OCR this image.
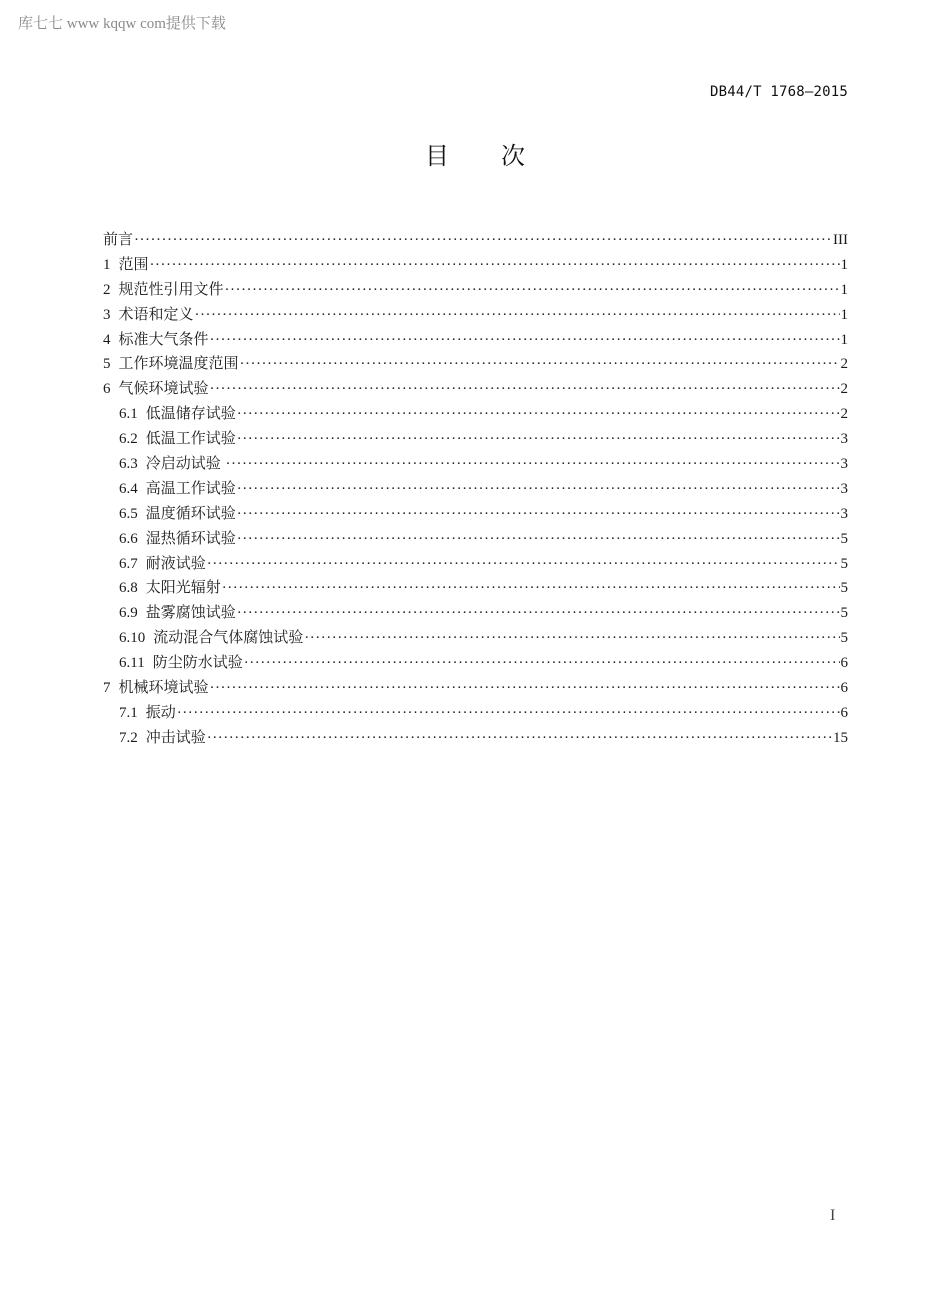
库七七 www kqqw com提供下载
DB44/T 1768—2015
目 次
前言 ·····	III
1 范围 ·····	1
2 规范性引用文件 ·····	1
3 术语和定义 ·····	1
4 标准大气条件 ·····	1
5 工作环境温度范围 ·····	2
6 气候环境试验 ·····	2
6.1 低温储存试验 ·····	2
6.2 低温工作试验 ·····	3
6.3 冷启动试验 ·····	3
6.4 高温工作试验 ·····	3
6.5 温度循环试验 ·····	3
6.6 湿热循环试验 ·····	5
6.7 耐液试验 ·····	5
6.8 太阳光辐射 ·····	5
6.9 盐雾腐蚀试验 ·····	5
6.10 流动混合气体腐蚀试验 ·····	5
6.11 防尘防水试验 ·····	6
7 机械环境试验 ·····	6
7.1 振动 ·····	6
7.2 冲击试验 ·····	15
I
